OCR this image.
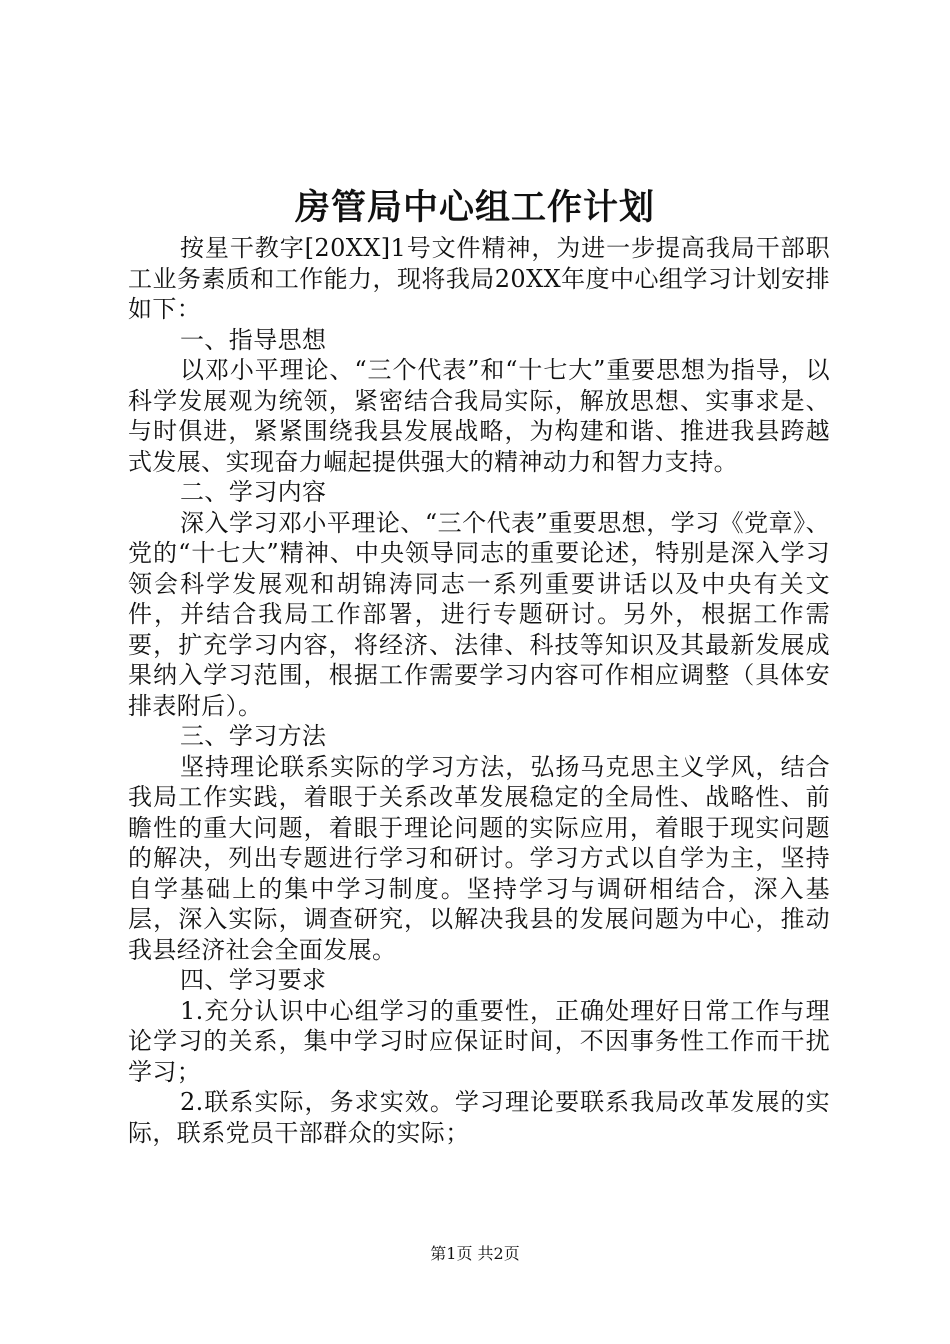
房管局中心组工作计划

按星干教字[20XX]1号文件精神，为进一步提高我局干部职工业务素质和工作能力，现将我局20XX年度中心组学习计划安排如下：

一、指导思想

以邓小平理论、“三个代表”和“十七大”重要思想为指导，以科学发展观为统领，紧密结合我局实际，解放思想、实事求是、与时俱进，紧紧围绕我县发展战略，为构建和谐、推进我县跨越式发展、实现奋力崛起提供强大的精神动力和智力支持。

二、学习内容

深入学习邓小平理论、“三个代表”重要思想，学习《党章》、党的“十七大”精神、中央领导同志的重要论述，特别是深入学习领会科学发展观和胡锦涛同志一系列重要讲话以及中央有关文件，并结合我局工作部署，进行专题研讨。另外，根据工作需要，扩充学习内容，将经济、法律、科技等知识及其最新发展成果纳入学习范围，根据工作需要学习内容可作相应调整（具体安排表附后）。

三、学习方法

坚持理论联系实际的学习方法，弘扬马克思主义学风，结合我局工作实践，着眼于关系改革发展稳定的全局性、战略性、前瞻性的重大问题，着眼于理论问题的实际应用，着眼于现实问题的解决，列出专题进行学习和研讨。学习方式以自学为主，坚持自学基础上的集中学习制度。坚持学习与调研相结合，深入基层，深入实际，调查研究，以解决我县的发展问题为中心，推动我县经济社会全面发展。

四、学习要求

1.充分认识中心组学习的重要性，正确处理好日常工作与理论学习的关系，集中学习时应保证时间，不因事务性工作而干扰学习；

2.联系实际，务求实效。学习理论要联系我局改革发展的实际，联系党员干部群众的实际；

第1页 共2页
